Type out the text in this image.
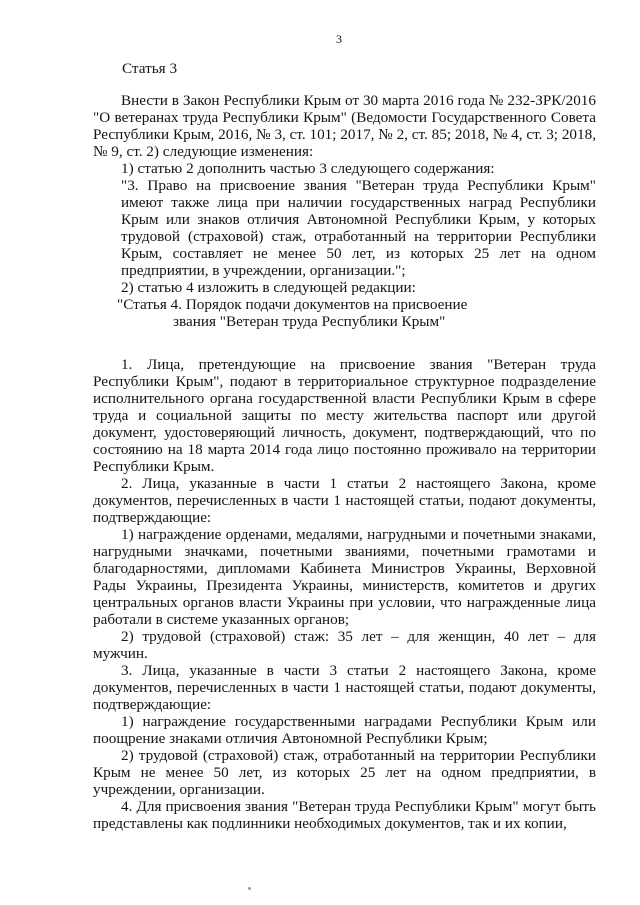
3
Статья 3

Внести в Закон Республики Крым от 30 марта 2016 года № 232-ЗРК/2016 "О ветеранах труда Республики Крым" (Ведомости Государственного Совета Республики Крым, 2016, № 3, ст. 101; 2017, № 2, ст. 85; 2018, № 4, ст. 3; 2018, № 9, ст. 2) следующие изменения:

1) статью 2 дополнить частью 3 следующего содержания:

"3. Право на присвоение звания "Ветеран труда Республики Крым" имеют также лица при наличии государственных наград Республики Крым или знаков отличия Автономной Республики Крым, у которых трудовой (страховой) стаж, отработанный на территории Республики Крым, составляет не менее 50 лет, из которых 25 лет на одном предприятии, в учреждении, организации.";

2) статью 4 изложить в следующей редакции:

"Статья 4. Порядок подачи документов на присвоение
звания "Ветеран труда Республики Крым"

1. Лица, претендующие на присвоение звания "Ветеран труда Республики Крым", подают в территориальное структурное подразделение исполнительного органа государственной власти Республики Крым в сфере труда и социальной защиты по месту жительства паспорт или другой документ, удостоверяющий личность, документ, подтверждающий, что по состоянию на 18 марта 2014 года лицо постоянно проживало на территории Республики Крым.

2. Лица, указанные в части 1 статьи 2 настоящего Закона, кроме документов, перечисленных в части 1 настоящей статьи, подают документы, подтверждающие:

1) награждение орденами, медалями, нагрудными и почетными знаками, нагрудными значками, почетными званиями, почетными грамотами и благодарностями, дипломами Кабинета Министров Украины, Верховной Рады Украины, Президента Украины, министерств, комитетов и других центральных органов власти Украины при условии, что награжденные лица работали в системе указанных органов;

2) трудовой (страховой) стаж: 35 лет – для женщин, 40 лет – для мужчин.

3. Лица, указанные в части 3 статьи 2 настоящего Закона, кроме документов, перечисленных в части 1 настоящей статьи, подают документы, подтверждающие:

1) награждение государственными наградами Республики Крым или поощрение знаками отличия Автономной Республики Крым;

2) трудовой (страховой) стаж, отработанный на территории Республики Крым не менее 50 лет, из которых 25 лет на одном предприятии, в учреждении, организации.

4. Для присвоения звания "Ветеран труда Республики Крым" могут быть представлены как подлинники необходимых документов, так и их копии,
